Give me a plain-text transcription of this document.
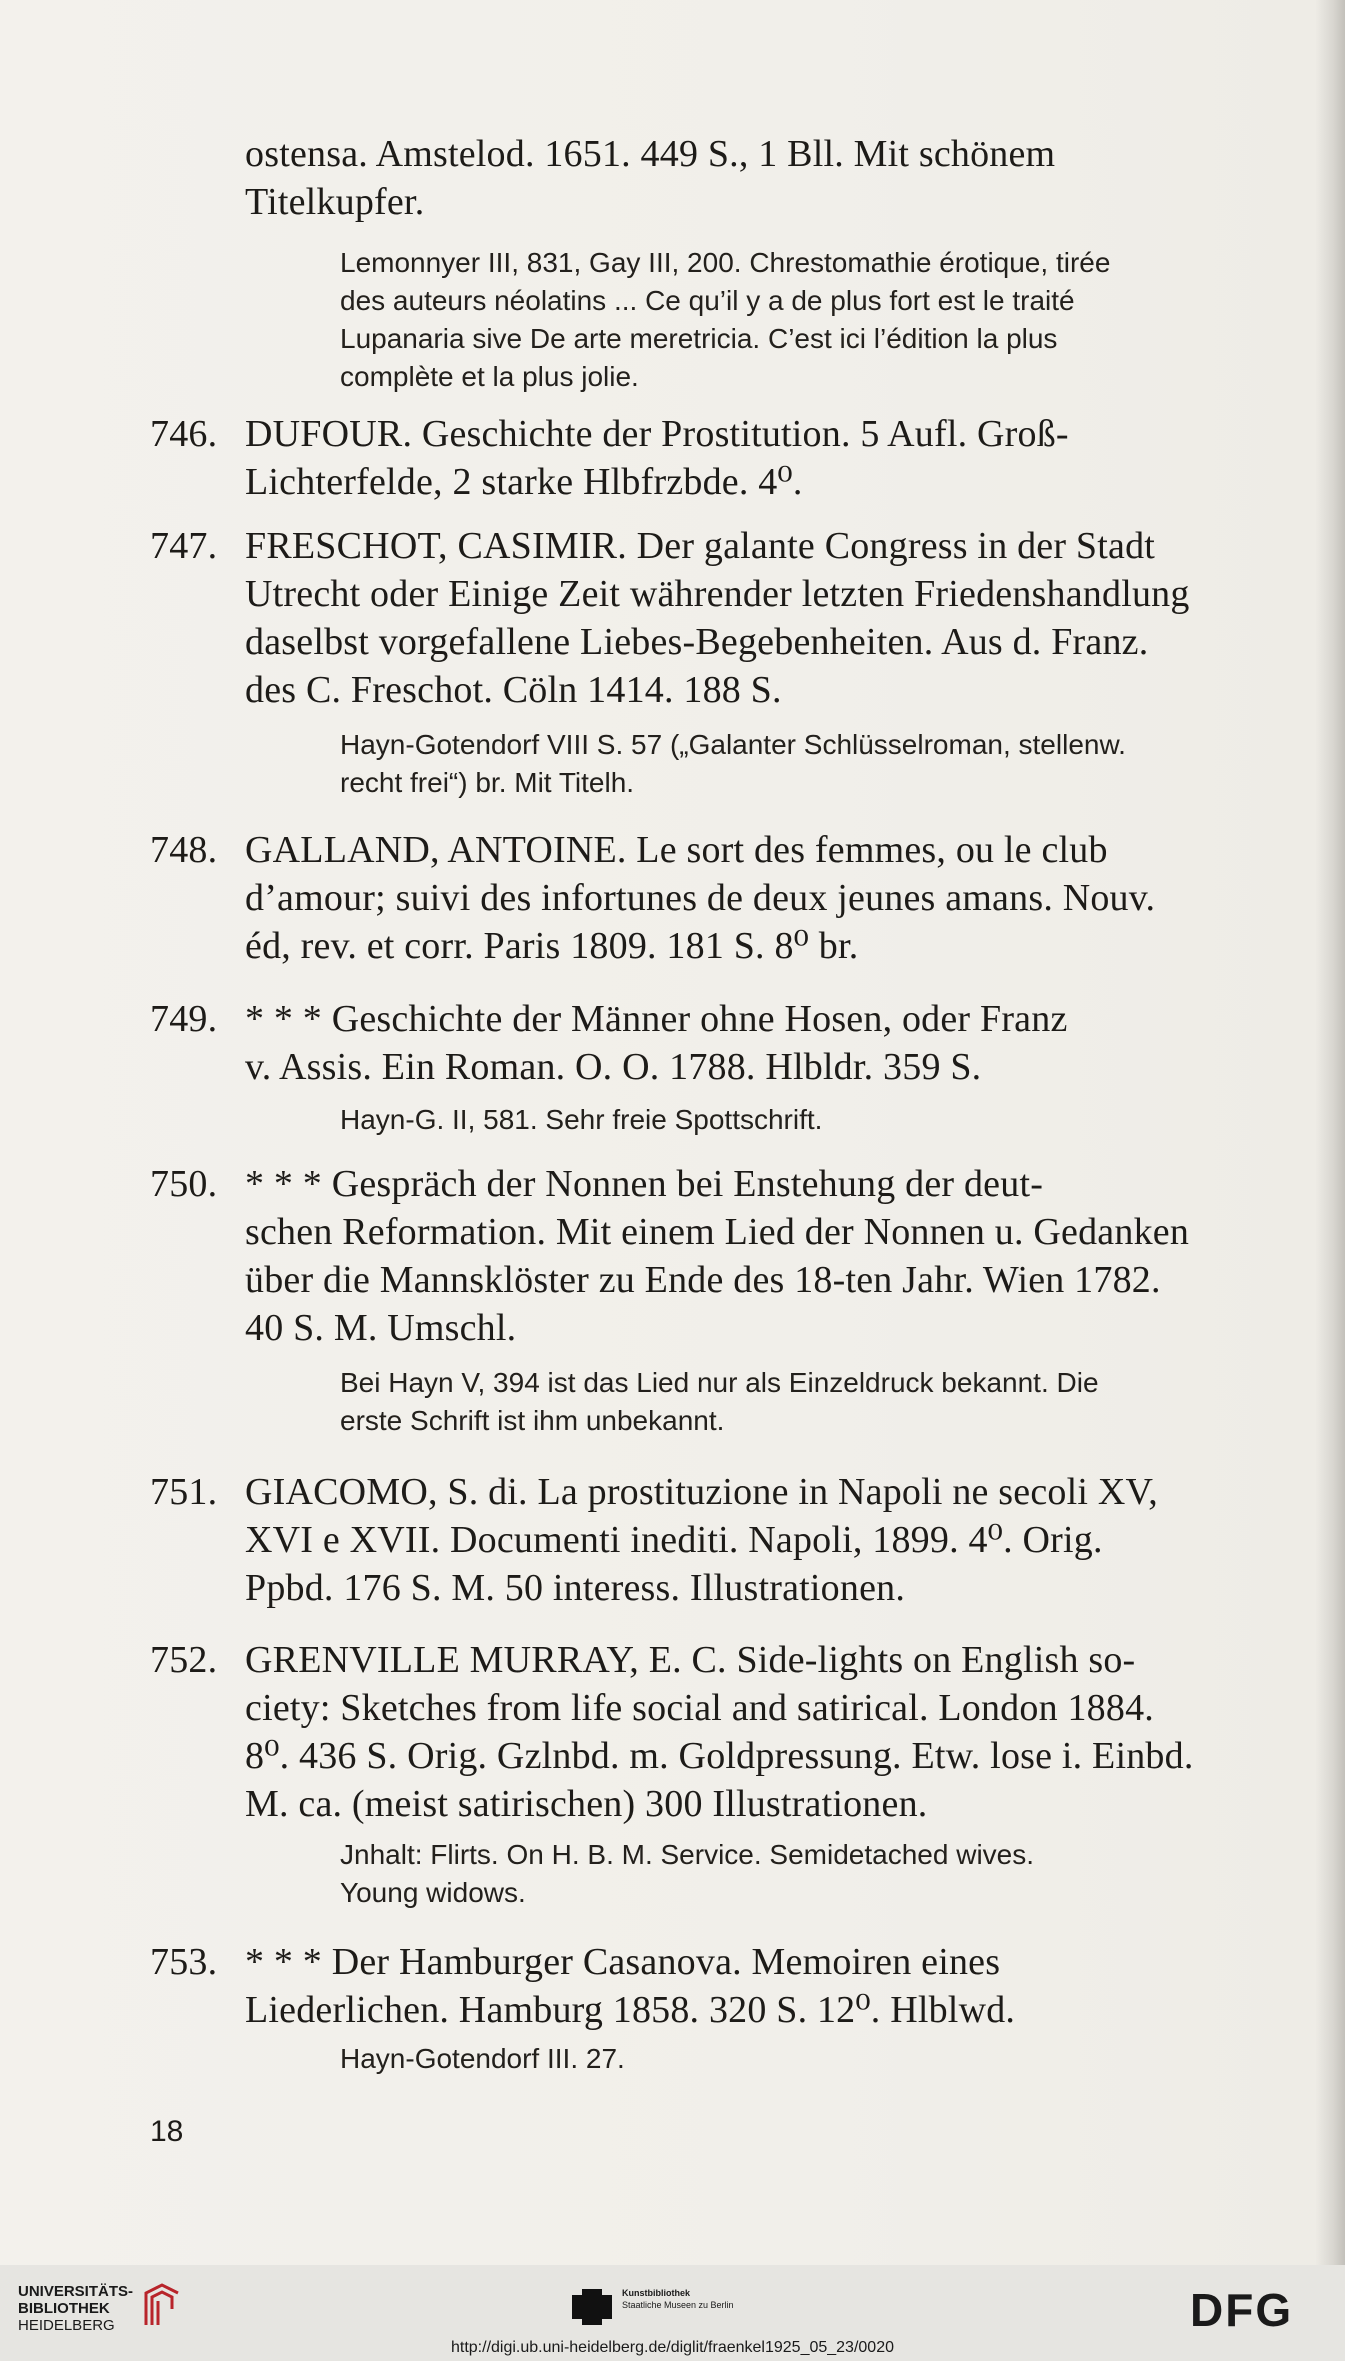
ostensa. Amstelod. 1651. 449 S., 1 Bll. Mit schönem
Titelkupfer.
Lemonnyer III, 831, Gay III, 200. Chrestomathie érotique, tirée
des auteurs néolatins ... Ce qu’il y a de plus fort est le traité
Lupanaria sive De arte meretricia. C’est ici l’édition la plus
complète et la plus jolie.
746. DUFOUR. Geschichte der Prostitution. 5 Aufl. Groß-
Lichterfelde, 2 starke Hlbfrzbde. 4⁰.
747. FRESCHOT, CASIMIR. Der galante Congress in der Stadt
Utrecht oder Einige Zeit währender letzten Friedenshandlung
daselbst vorgefallene Liebes-Begebenheiten. Aus d. Franz.
des C. Freschot. Cöln 1414. 188 S.
Hayn-Gotendorf VIII S. 57 („Galanter Schlüsselroman, stellenw.
recht frei“) br. Mit Titelh.
748. GALLAND, ANTOINE. Le sort des femmes, ou le club
d’amour; suivi des infortunes de deux jeunes amans. Nouv.
éd, rev. et corr. Paris 1809. 181 S. 8⁰ br.
749. * * * Geschichte der Männer ohne Hosen, oder Franz
v. Assis. Ein Roman. O. O. 1788. Hlbldr. 359 S.
Hayn-G. II, 581. Sehr freie Spottschrift.
750. * * * Gespräch der Nonnen bei Enstehung der deut-
schen Reformation. Mit einem Lied der Nonnen u. Gedanken
über die Mannsklöster zu Ende des 18-ten Jahr. Wien 1782.
40 S. M. Umschl.
Bei Hayn V, 394 ist das Lied nur als Einzeldruck bekannt. Die
erste Schrift ist ihm unbekannt.
751. GIACOMO, S. di. La prostituzione in Napoli ne secoli XV,
XVI e XVII. Documenti inediti. Napoli, 1899. 4⁰. Orig.
Ppbd. 176 S. M. 50 interess. Illustrationen.
752. GRENVILLE MURRAY, E. C. Side-lights on English so-
ciety: Sketches from life social and satirical. London 1884.
8⁰. 436 S. Orig. Gzlnbd. m. Goldpressung. Etw. lose i. Einbd.
M. ca. (meist satirischen) 300 Illustrationen.
Jnhalt: Flirts. On H. B. M. Service. Semidetached wives.
Young widows.
753. * * * Der Hamburger Casanova. Memoiren eines
Liederlichen. Hamburg 1858. 320 S. 12⁰. Hlblwd.
Hayn-Gotendorf III. 27.
18
UNIVERSITÄTS-
BIBLIOTHEK
HEIDELBERG
Kunstbibliothek
Staatliche Museen zu Berlin	DFG
http://digi.ub.uni-heidelberg.de/diglit/fraenkel1925_05_23/0020
